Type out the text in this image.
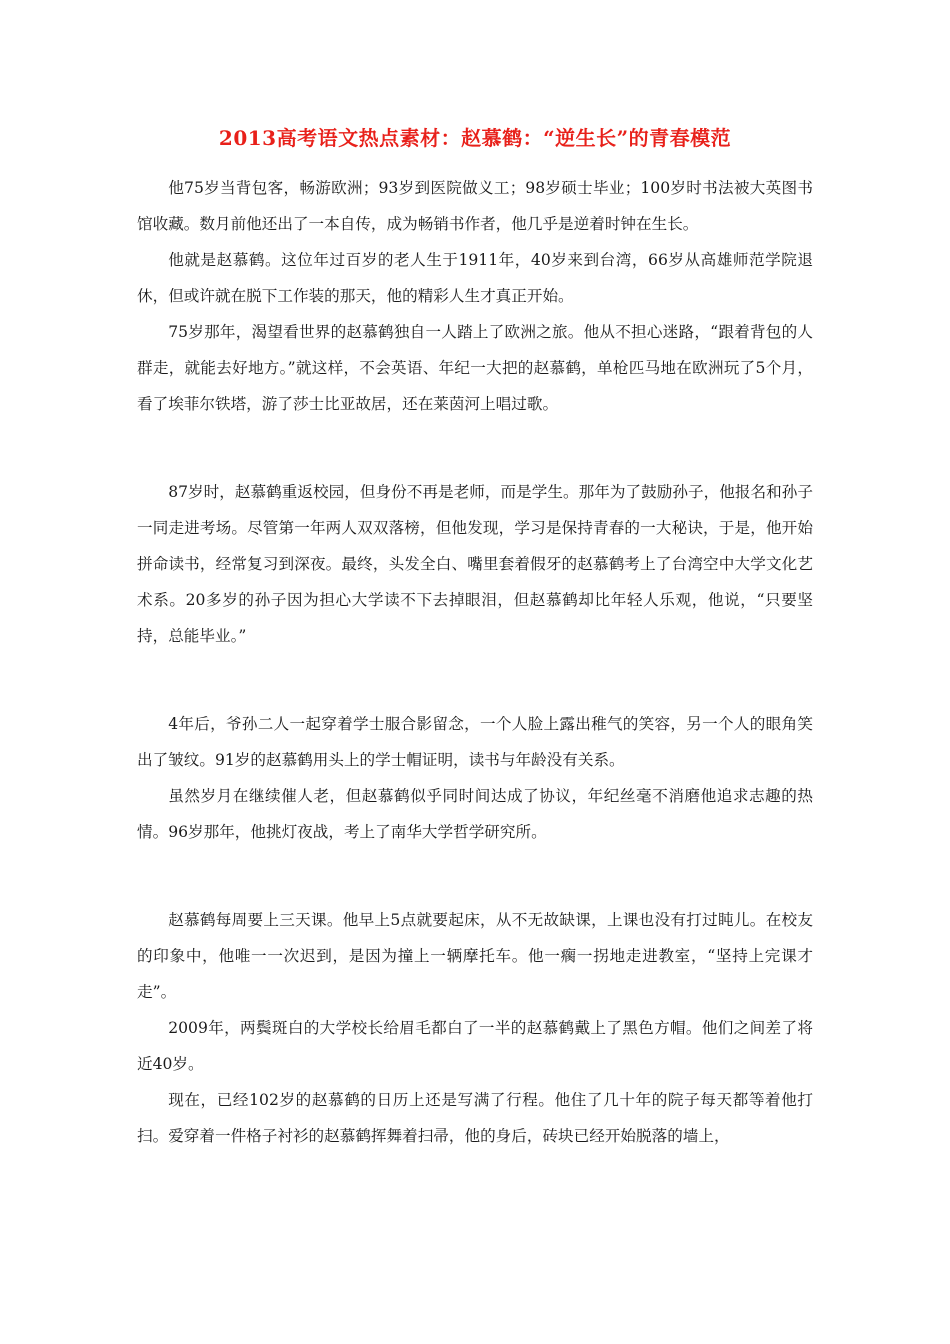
2013高考语文热点素材：赵慕鹤：“逆生长”的青春模范

他75岁当背包客，畅游欧洲；93岁到医院做义工；98岁硕士毕业；100岁时书法被大英图书馆收藏。数月前他还出了一本自传，成为畅销书作者，他几乎是逆着时钟在生长。

他就是赵慕鹤。这位年过百岁的老人生于1911年，40岁来到台湾，66岁从高雄师范学院退休，但或许就在脱下工作装的那天，他的精彩人生才真正开始。

75岁那年，渴望看世界的赵慕鹤独自一人踏上了欧洲之旅。他从不担心迷路，“跟着背包的人群走，就能去好地方。”就这样，不会英语、年纪一大把的赵慕鹤，单枪匹马地在欧洲玩了5个月，看了埃菲尔铁塔，游了莎士比亚故居，还在莱茵河上唱过歌。

87岁时，赵慕鹤重返校园，但身份不再是老师，而是学生。那年为了鼓励孙子，他报名和孙子一同走进考场。尽管第一年两人双双落榜，但他发现，学习是保持青春的一大秘诀，于是，他开始拼命读书，经常复习到深夜。最终，头发全白、嘴里套着假牙的赵慕鹤考上了台湾空中大学文化艺术系。20多岁的孙子因为担心大学读不下去掉眼泪，但赵慕鹤却比年轻人乐观，他说，“只要坚持，总能毕业。”

4年后，爷孙二人一起穿着学士服合影留念，一个人脸上露出稚气的笑容，另一个人的眼角笑出了皱纹。91岁的赵慕鹤用头上的学士帽证明，读书与年龄没有关系。

虽然岁月在继续催人老，但赵慕鹤似乎同时间达成了协议，年纪丝毫不消磨他追求志趣的热情。96岁那年，他挑灯夜战，考上了南华大学哲学研究所。

赵慕鹤每周要上三天课。他早上5点就要起床，从不无故缺课，上课也没有打过盹儿。在校友的印象中，他唯一一次迟到，是因为撞上一辆摩托车。他一瘸一拐地走进教室，“坚持上完课才走”。

2009年，两鬓斑白的大学校长给眉毛都白了一半的赵慕鹤戴上了黑色方帽。他们之间差了将近40岁。

现在，已经102岁的赵慕鹤的日历上还是写满了行程。他住了几十年的院子每天都等着他打扫。爱穿着一件格子衬衫的赵慕鹤挥舞着扫帚，他的身后，砖块已经开始脱落的墙上，
